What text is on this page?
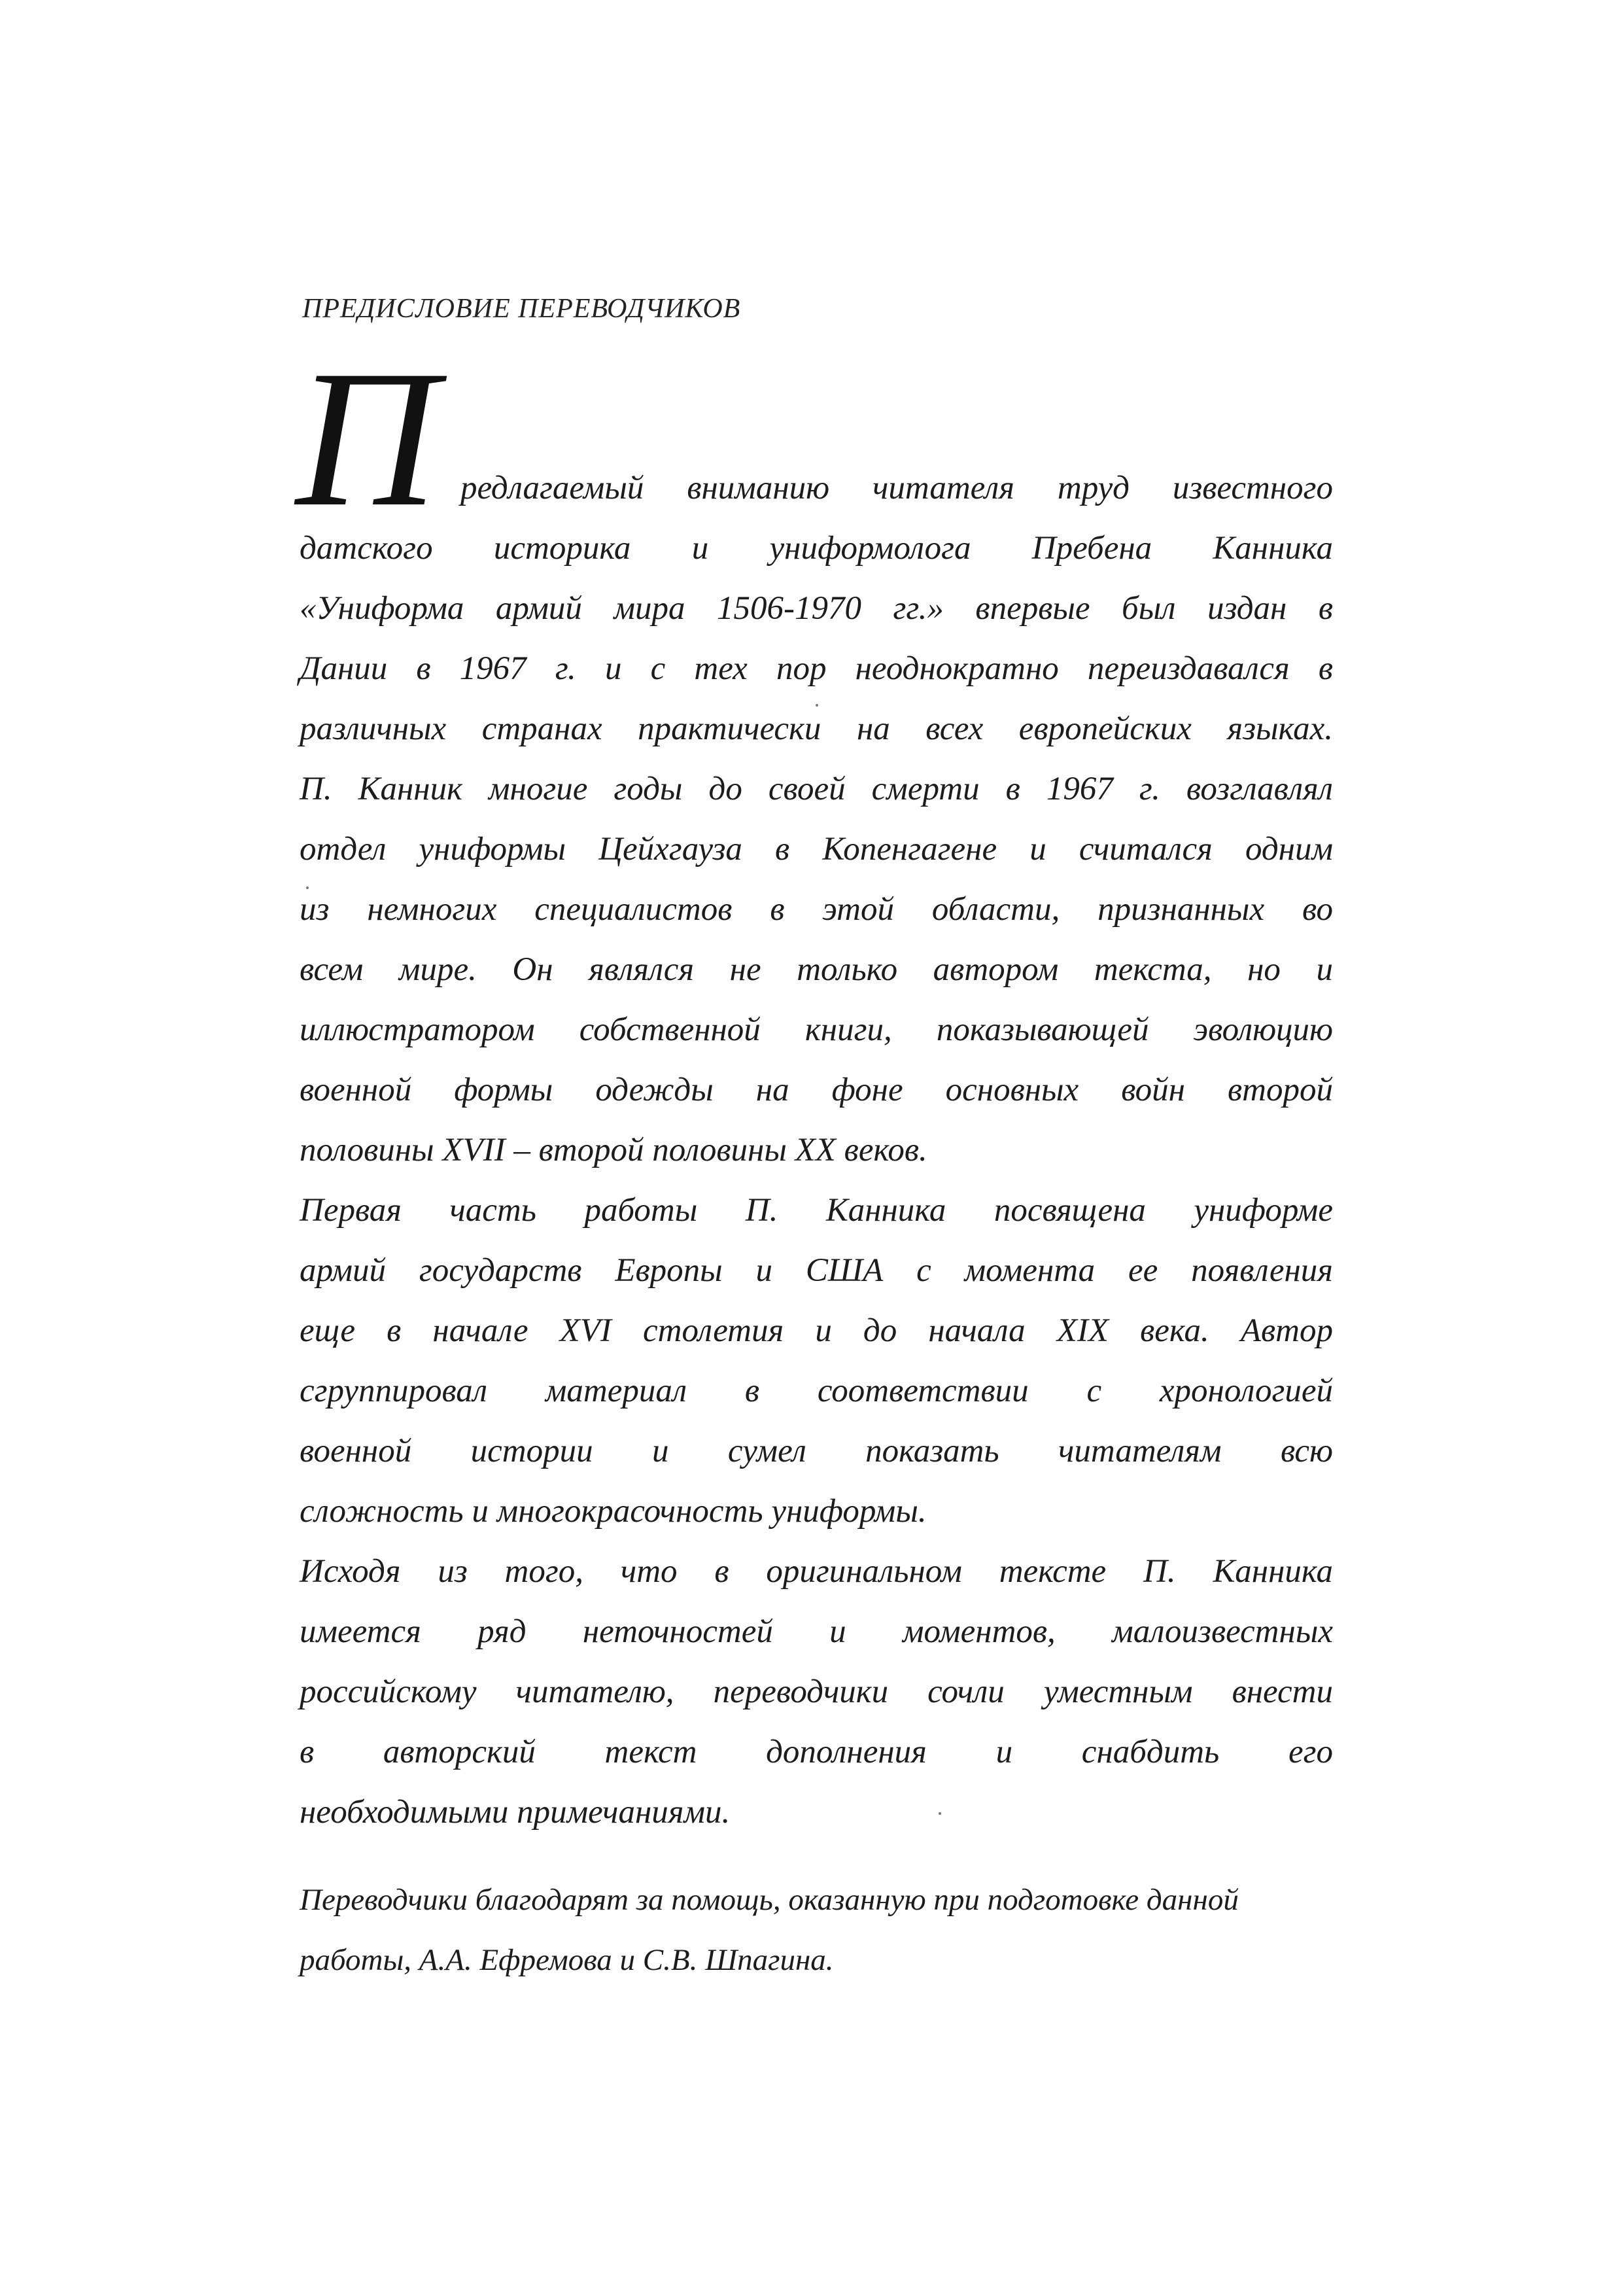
ПРЕДИСЛОВИЕ ПЕРЕВОДЧИКОВ
П редлагаемый вниманию читателя труд известного
датского историка и униформолога Пребена Канника
«Униформа армий мира 1506-1970 гг.» впервые был издан в
Дании в 1967 г. и с тех пор неоднократно переиздавался в
различных странах практически на всех европейских языках.
П. Канник многие годы до своей смерти в 1967 г. возглавлял
отдел униформы Цейхгауза в Копенгагене и считался одним
из немногих специалистов в этой области, признанных во
всем мире. Он являлся не только автором текста, но и
иллюстратором собственной книги, показывающей эволюцию
военной формы одежды на фоне основных войн второй
половины XVII – второй половины XX веков.
Первая часть работы П. Канника посвящена униформе
армий государств Европы и США с момента ее появления
еще в начале XVI столетия и до начала XIX века. Автор
сгруппировал материал в соответствии с хронологией
военной истории и сумел показать читателям всю
сложность и многокрасочность униформы.
Исходя из того, что в оригинальном тексте П. Канника
имеется ряд неточностей и моментов, малоизвестных
российскому читателю, переводчики сочли уместным внести
в авторский текст дополнения и снабдить его
необходимыми примечаниями.
Переводчики благодарят за помощь, оказанную при подготовке данной
работы, А.А. Ефремова и С.В. Шпагина.
